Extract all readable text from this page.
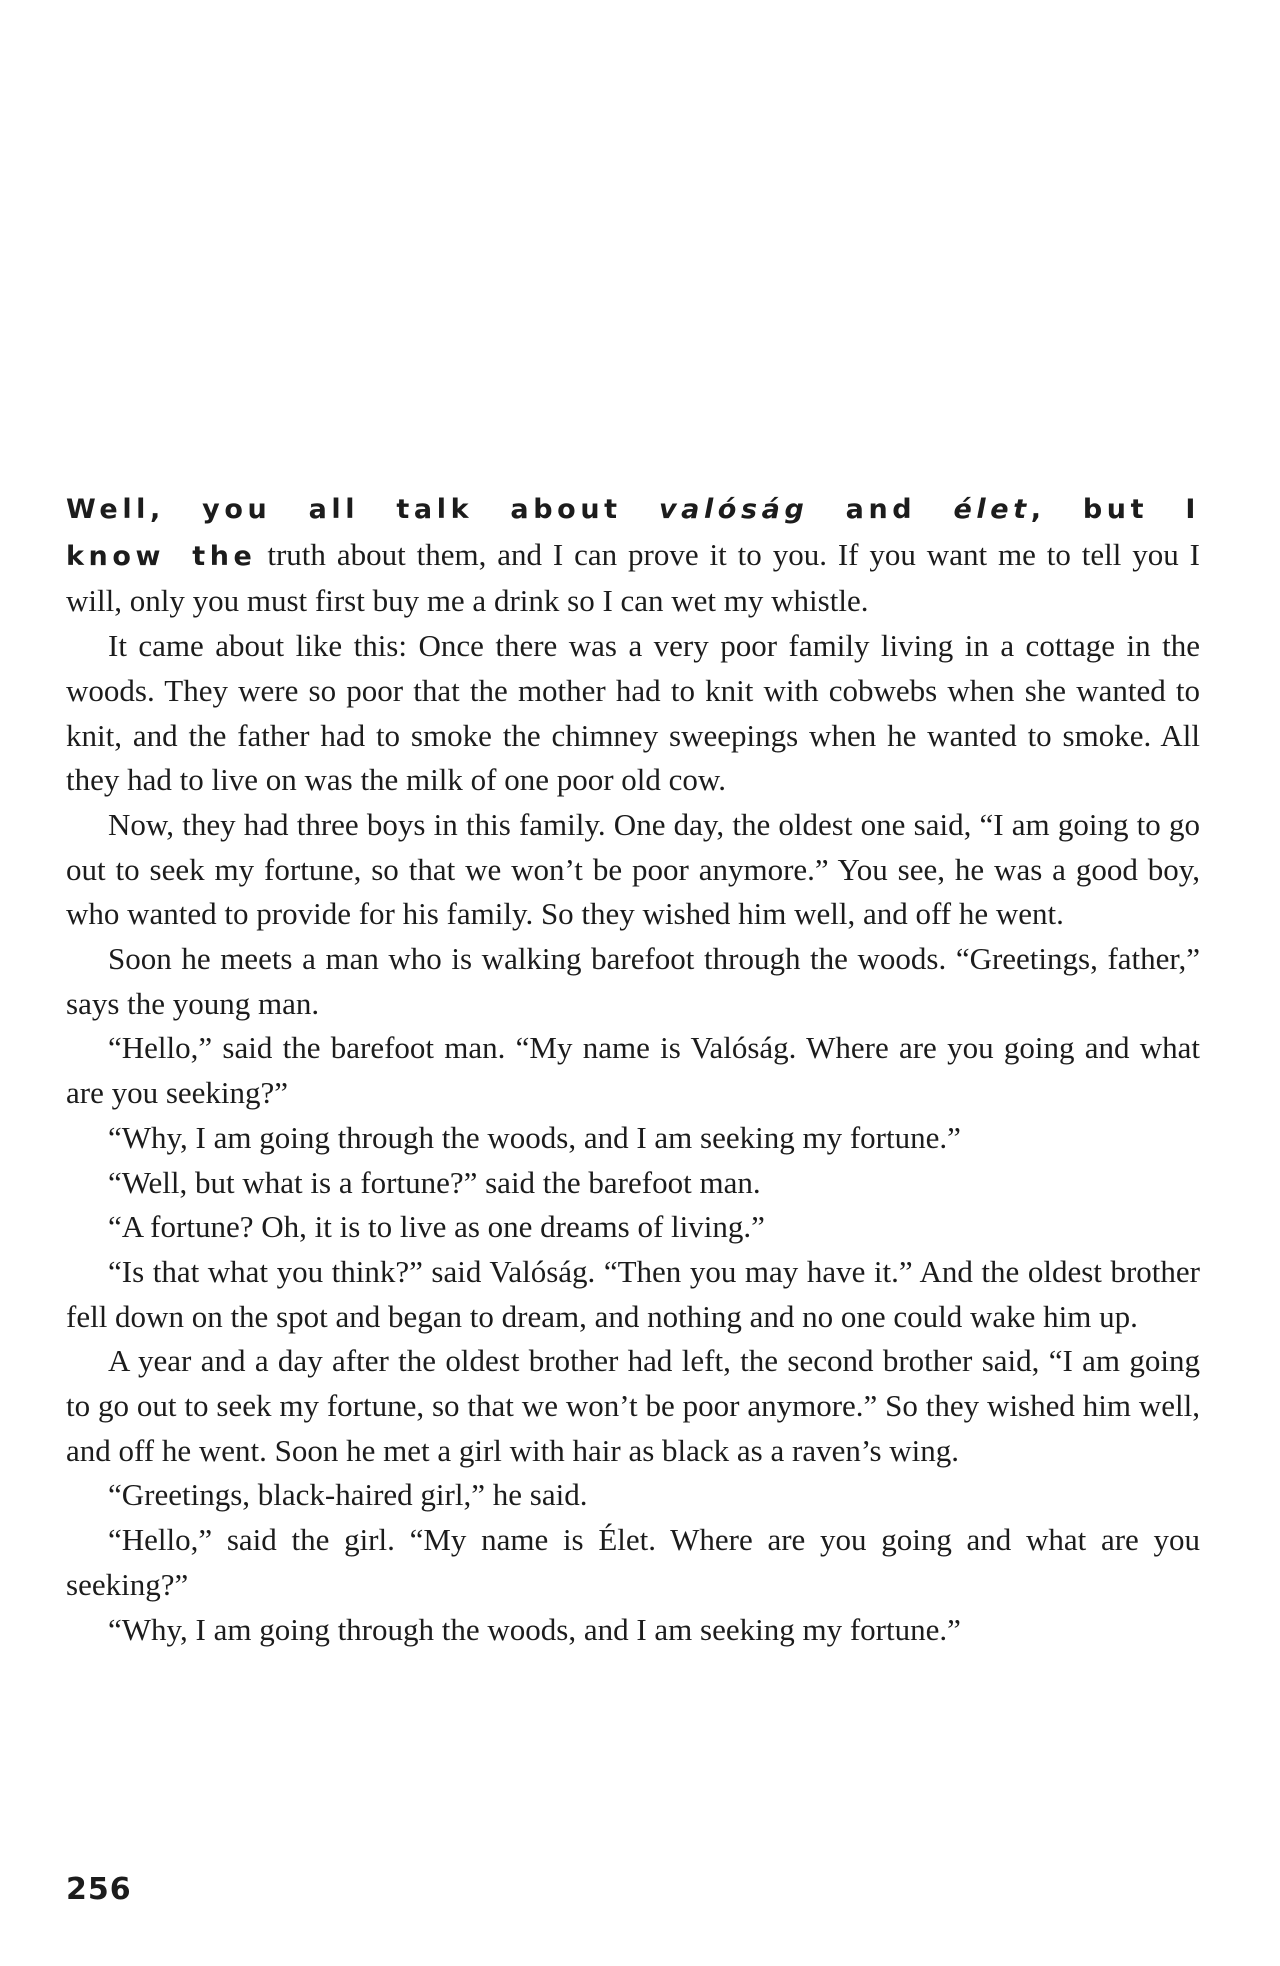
Well, you all talk about valóság and élet, but I know the truth about them, and I can prove it to you. If you want me to tell you I will, only you must first buy me a drink so I can wet my whistle.

It came about like this: Once there was a very poor family living in a cottage in the woods. They were so poor that the mother had to knit with cobwebs when she wanted to knit, and the father had to smoke the chimney sweepings when he wanted to smoke. All they had to live on was the milk of one poor old cow.

Now, they had three boys in this family. One day, the oldest one said, “I am going to go out to seek my fortune, so that we won’t be poor anymore.” You see, he was a good boy, who wanted to provide for his family. So they wished him well, and off he went.

Soon he meets a man who is walking barefoot through the woods. “Greetings, father,” says the young man.

“Hello,” said the barefoot man. “My name is Valóság. Where are you going and what are you seeking?”

“Why, I am going through the woods, and I am seeking my fortune.”

“Well, but what is a fortune?” said the barefoot man.

“A fortune? Oh, it is to live as one dreams of living.”

“Is that what you think?” said Valóság. “Then you may have it.” And the oldest brother fell down on the spot and began to dream, and nothing and no one could wake him up.

A year and a day after the oldest brother had left, the second brother said, “I am going to go out to seek my fortune, so that we won’t be poor anymore.” So they wished him well, and off he went. Soon he met a girl with hair as black as a raven’s wing.

“Greetings, black-haired girl,” he said.

“Hello,” said the girl. “My name is Élet. Where are you going and what are you seeking?”

“Why, I am going through the woods, and I am seeking my fortune.”

256
